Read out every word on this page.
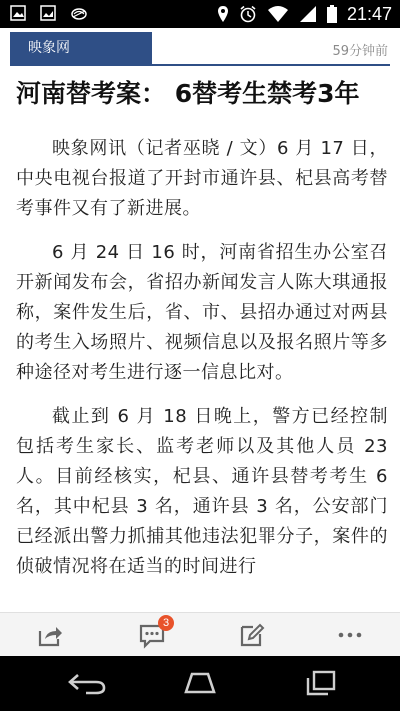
21:47
映象网	59分钟前
河南替考案： 6替考生禁考3年

映象网讯（记者巫晓 / 文）6 月 17 日，中央电视台报道了开封市通许县、杞县高考替考事件又有了新进展。

6 月 24 日 16 时，河南省招生办公室召开新闻发布会，省招办新闻发言人陈大琪通报称，案件发生后，省、市、县招办通过对两县的考生入场照片、视频信息以及报名照片等多种途径对考生进行逐一信息比对。

截止到 6 月 18 日晚上，警方已经控制包括考生家长、监考老师以及其他人员 23 人。目前经核实，杞县、通许县替考考生 6 名，其中杞县 3 名，通许县 3 名，公安部门已经派出警力抓捕其他违法犯罪分子，案件的侦破情况将在适当的时间进行

3
